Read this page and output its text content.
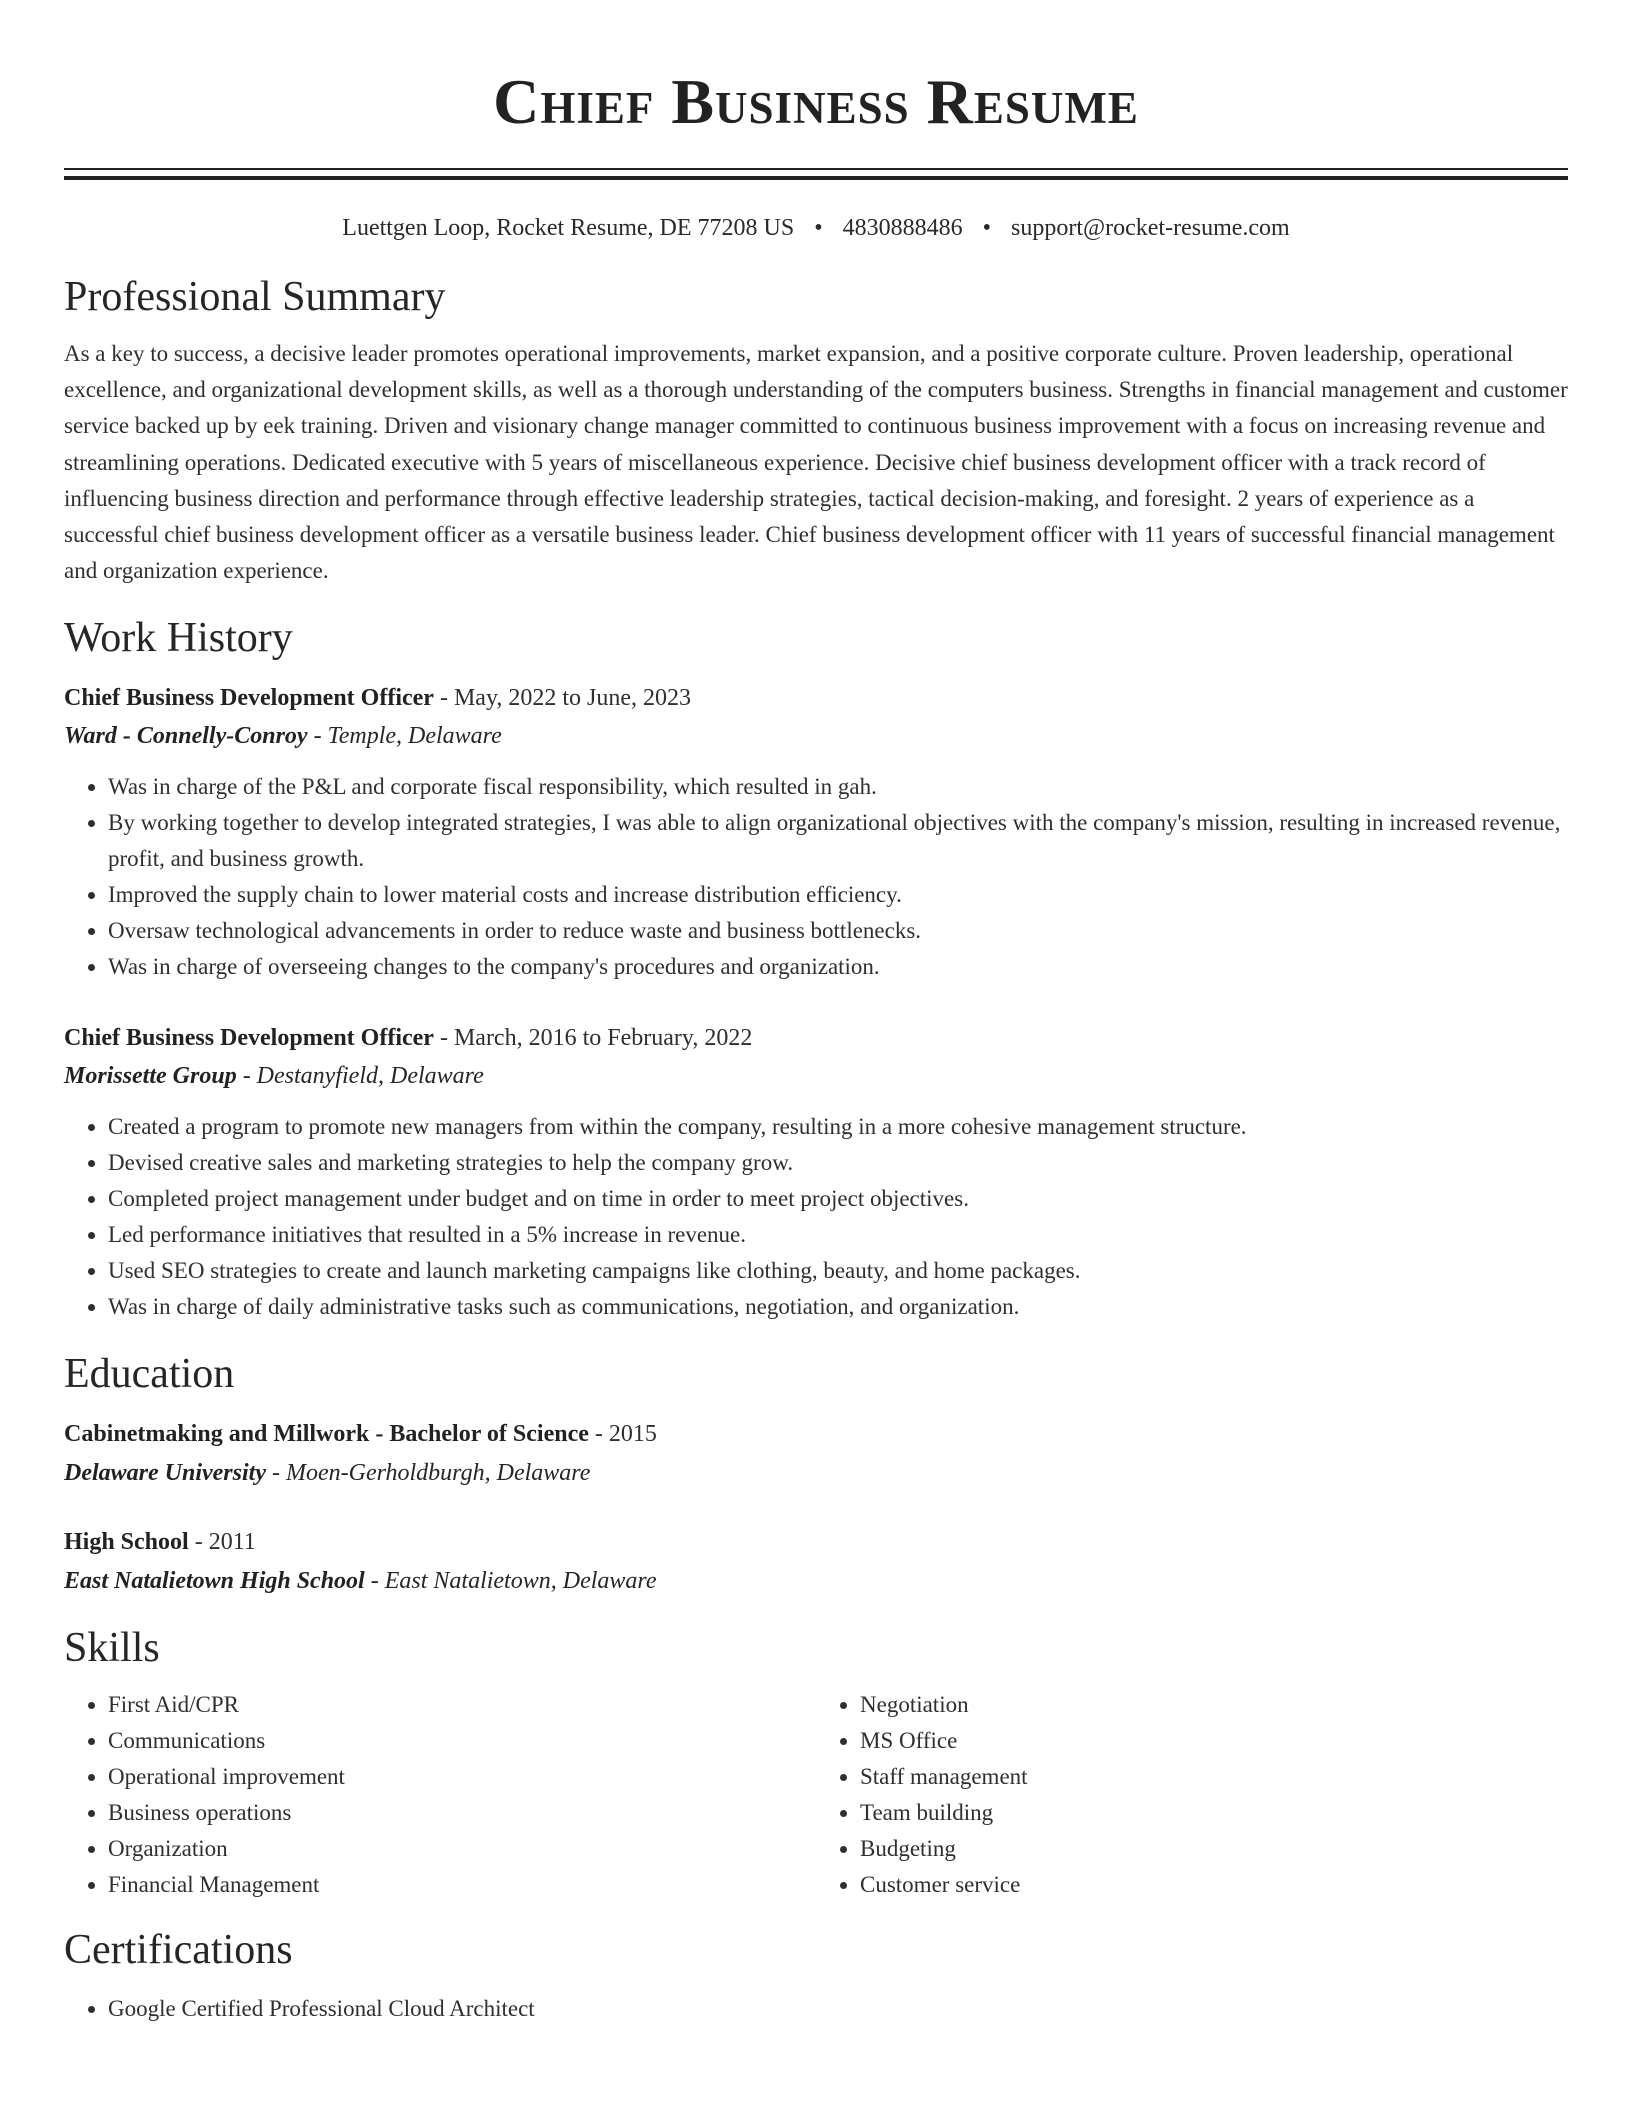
Chief Business Resume
Luettgen Loop, Rocket Resume, DE 77208 US • 4830888486 • support@rocket-resume.com
Professional Summary

As a key to success, a decisive leader promotes operational improvements, market expansion, and a positive corporate culture. Proven leadership, operational excellence, and organizational development skills, as well as a thorough understanding of the computers business. Strengths in financial management and customer service backed up by eek training. Driven and visionary change manager committed to continuous business improvement with a focus on increasing revenue and streamlining operations. Dedicated executive with 5 years of miscellaneous experience. Decisive chief business development officer with a track record of influencing business direction and performance through effective leadership strategies, tactical decision-making, and foresight. 2 years of experience as a successful chief business development officer as a versatile business leader. Chief business development officer with 11 years of successful financial management and organization experience.

Work History
Chief Business Development Officer - May, 2022 to June, 2023
Ward - Connelly-Conroy - Temple, Delaware
• Was in charge of the P&L and corporate fiscal responsibility, which resulted in gah.
• By working together to develop integrated strategies, I was able to align organizational objectives with the company's mission, resulting in increased revenue, profit, and business growth.
• Improved the supply chain to lower material costs and increase distribution efficiency.
• Oversaw technological advancements in order to reduce waste and business bottlenecks.
• Was in charge of overseeing changes to the company's procedures and organization.
Chief Business Development Officer - March, 2016 to February, 2022
Morissette Group - Destanyfield, Delaware
• Created a program to promote new managers from within the company, resulting in a more cohesive management structure.
• Devised creative sales and marketing strategies to help the company grow.
• Completed project management under budget and on time in order to meet project objectives.
• Led performance initiatives that resulted in a 5% increase in revenue.
• Used SEO strategies to create and launch marketing campaigns like clothing, beauty, and home packages.
• Was in charge of daily administrative tasks such as communications, negotiation, and organization.
Education
Cabinetmaking and Millwork - Bachelor of Science - 2015
Delaware University - Moen-Gerholdburgh, Delaware
High School - 2011
East Natalietown High School - East Natalietown, Delaware
Skills
• First Aid/CPR
• Communications
• Operational improvement
• Business operations
• Organization
• Financial Management
• Negotiation
• MS Office
• Staff management
• Team building
• Budgeting
• Customer service
Certifications
• Google Certified Professional Cloud Architect
